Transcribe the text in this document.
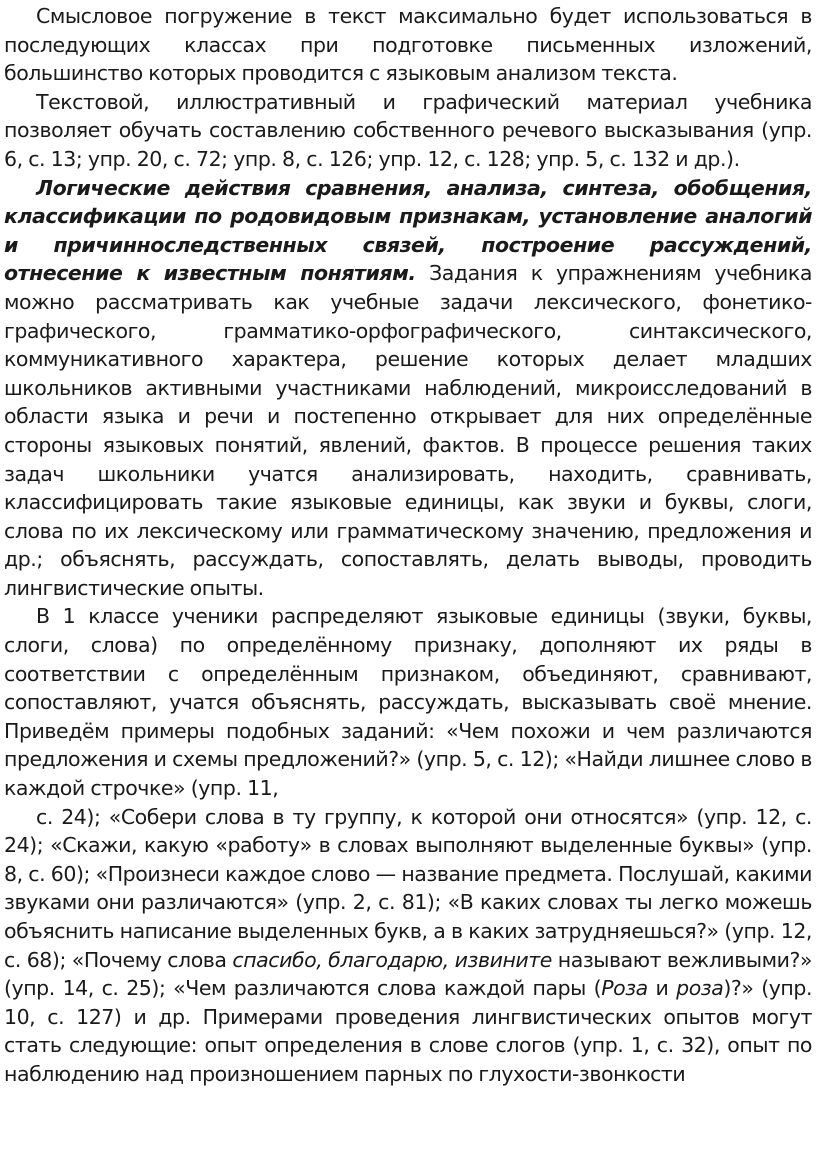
Смысловое погружение в текст максимально будет использоваться в последующих классах при подготовке письменных изложений, большинство которых проводится с языковым анализом текста.

Текстовой, иллюстративный и графический материал учебника позволяет обучать составлению собственного речевого высказывания (упр. 6, с. 13; упр. 20, с. 72; упр. 8, с. 126; упр. 12, с. 128; упр. 5, с. 132 и др.).

Логические действия сравнения, анализа, синтеза, обобщения, классификации по родовидовым признакам, установление аналогий и причинноследственных связей, построение рассуждений, отнесение к известным понятиям. Задания к упражнениям учебника можно рассматривать как учебные задачи лексического, фонетико-графического, грамматико-орфографического, синтаксического, коммуникативного характера, решение которых делает младших школьников активными участниками наблюдений, микроисследований в области языка и речи и постепенно открывает для них определённые стороны языковых понятий, явлений, фактов. В процессе решения таких задач школьники учатся анализировать, находить, сравнивать, классифицировать такие языковые единицы, как звуки и буквы, слоги, слова по их лексическому или грамматическому значению, предложения и др.; объяснять, рассуждать, сопоставлять, делать выводы, проводить лингвистические опыты.

В 1 классе ученики распределяют языковые единицы (звуки, буквы, слоги, слова) по определённому признаку, дополняют их ряды в соответствии с определённым признаком, объединяют, сравнивают, сопоставляют, учатся объяснять, рассуждать, высказывать своё мнение. Приведём примеры подобных заданий: «Чем похожи и чем различаются предложения и схемы предложений?» (упр. 5, с. 12); «Найди лишнее слово в каждой строчке» (упр. 11,

с. 24); «Собери слова в ту группу, к которой они относятся» (упр. 12, с. 24); «Скажи, какую «работу» в словах выполняют выделенные буквы» (упр. 8, с. 60); «Произнеси каждое слово — название предмета. Послушай, какими звуками они различаются» (упр. 2, с. 81); «В каких словах ты легко можешь объяснить написание выделенных букв, а в каких затрудняешься?» (упр. 12, с. 68); «Почему слова спасибо, благодарю, извините называют вежливыми?» (упр. 14, с. 25); «Чем различаются слова каждой пары (Роза и роза)?» (упр. 10, с. 127) и др. Примерами проведения лингвистических опытов могут стать следующие: опыт определения в слове слогов (упр. 1, с. 32), опыт по наблюдению над произношением парных по глухости-звонкости
